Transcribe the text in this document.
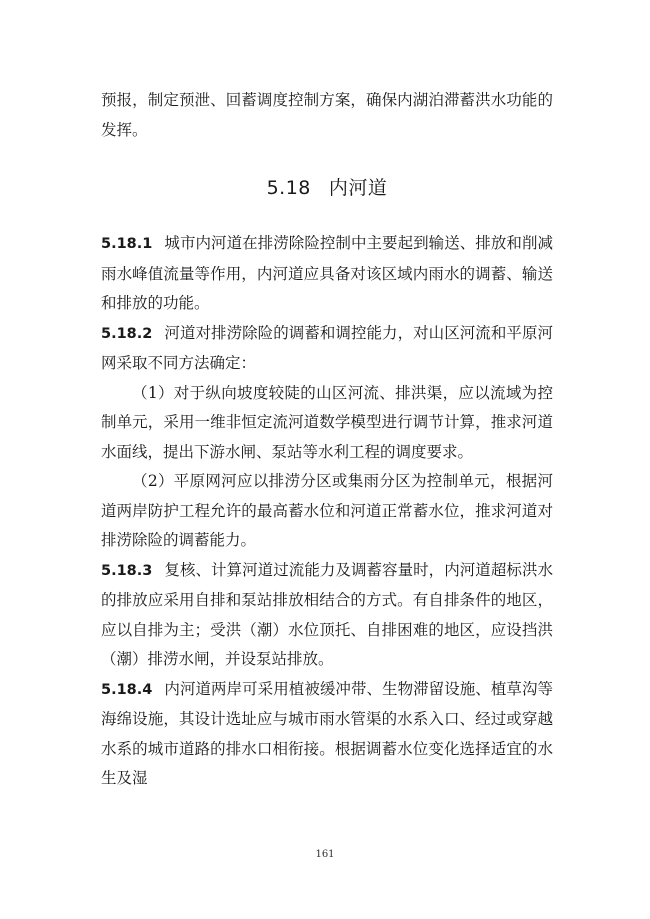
预报，制定预泄、回蓄调度控制方案，确保内湖泊滞蓄洪水功能的发挥。

5.18 内河道

5.18.1 城市内河道在排涝除险控制中主要起到输送、排放和削减雨水峰值流量等作用，内河道应具备对该区域内雨水的调蓄、输送和排放的功能。

5.18.2 河道对排涝除险的调蓄和调控能力，对山区河流和平原河网采取不同方法确定：

（1）对于纵向坡度较陡的山区河流、排洪渠，应以流域为控制单元，采用一维非恒定流河道数学模型进行调节计算，推求河道水面线，提出下游水闸、泵站等水利工程的调度要求。

（2）平原网河应以排涝分区或集雨分区为控制单元，根据河道两岸防护工程允许的最高蓄水位和河道正常蓄水位，推求河道对排涝除险的调蓄能力。

5.18.3 复核、计算河道过流能力及调蓄容量时，内河道超标洪水的排放应采用自排和泵站排放相结合的方式。有自排条件的地区，应以自排为主；受洪（潮）水位顶托、自排困难的地区，应设挡洪（潮）排涝水闸，并设泵站排放。

5.18.4 内河道两岸可采用植被缓冲带、生物滞留设施、植草沟等海绵设施，其设计选址应与城市雨水管渠的水系入口、经过或穿越水系的城市道路的排水口相衔接。根据调蓄水位变化选择适宜的水生及湿

161
